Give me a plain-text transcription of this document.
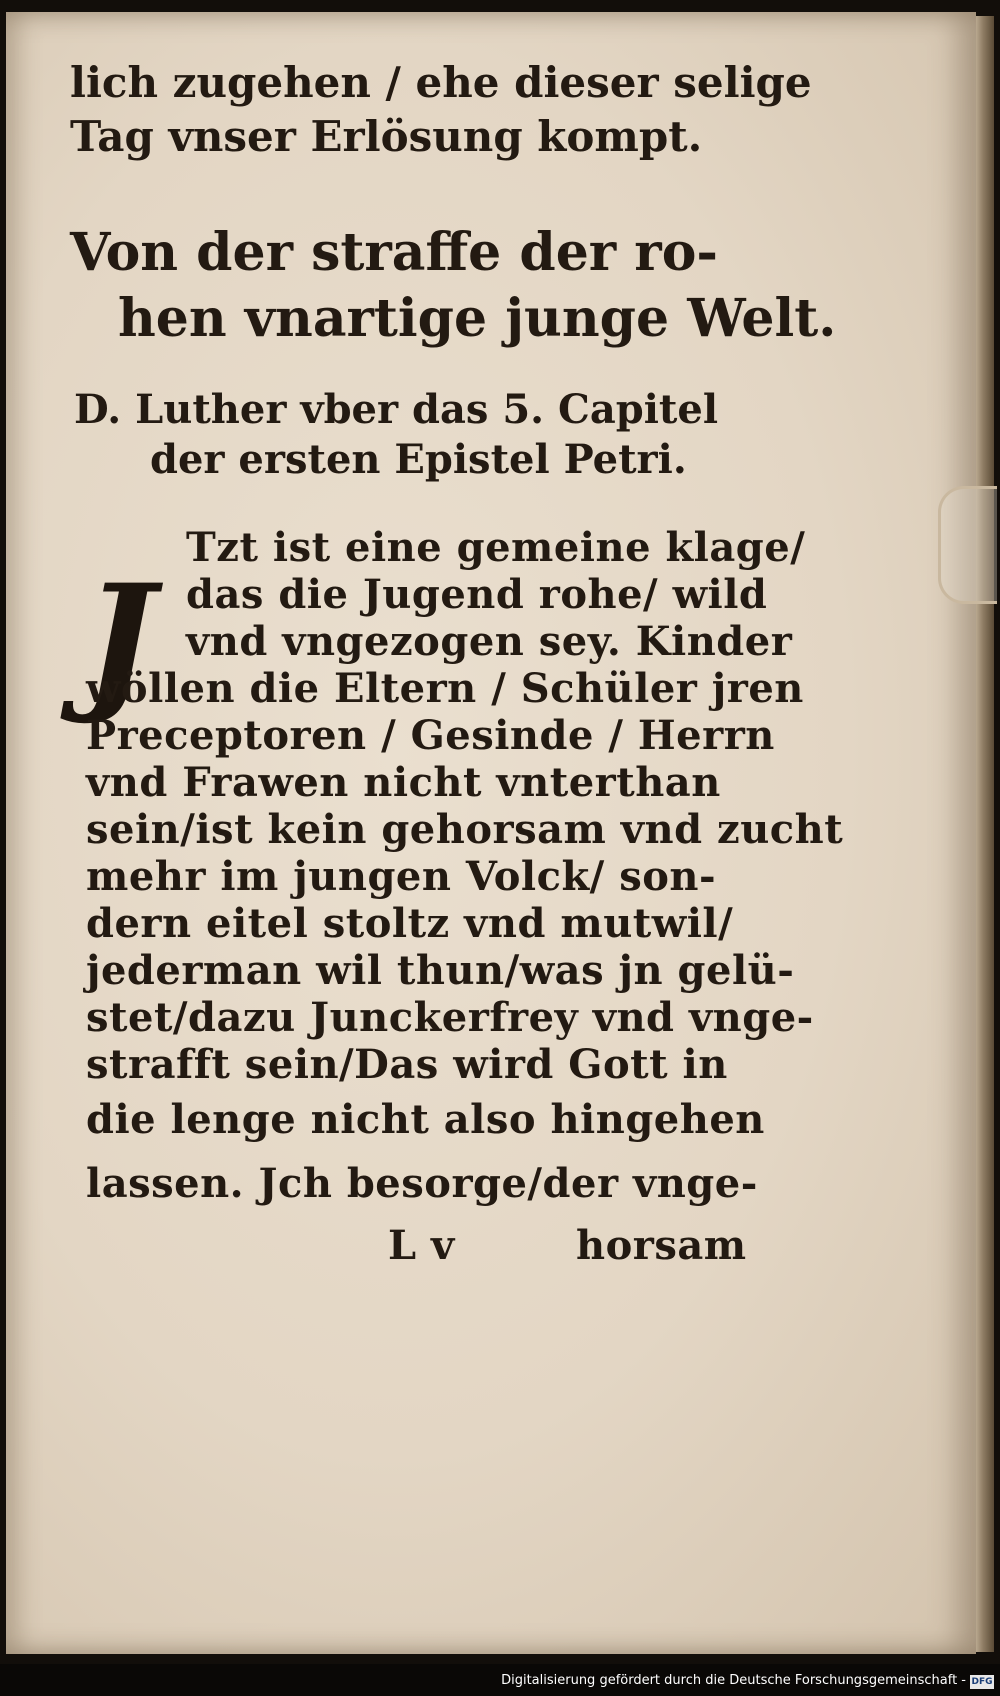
lich zugehen / ehe dieser selige
Tag vnser Erlösung kompt.
Von der straffe der ro-
hen vnartige junge Welt.
D. Luther vber das 5. Capitel
der ersten Epistel Petri.
J
Tzt ist eine gemeine klage/
das die Jugend rohe/ wild
vnd vngezogen sey. Kinder
wöllen die Eltern / Schüler jren
Preceptoren / Gesinde / Herrn
vnd Frawen nicht vnterthan
sein/ist kein gehorsam vnd zucht
mehr im jungen Volck/ son-
dern eitel stoltz vnd mutwil/
jederman wil thun/was jn gelü-
stet/dazu Junckerfrey vnd vnge-
strafft sein/Das wird Gott in
die lenge nicht also hingehen
lassen. Jch besorge/der vnge-
L v	horsam
Digitalisierung gefördert durch die Deutsche Forschungsgemeinschaft - DFG
